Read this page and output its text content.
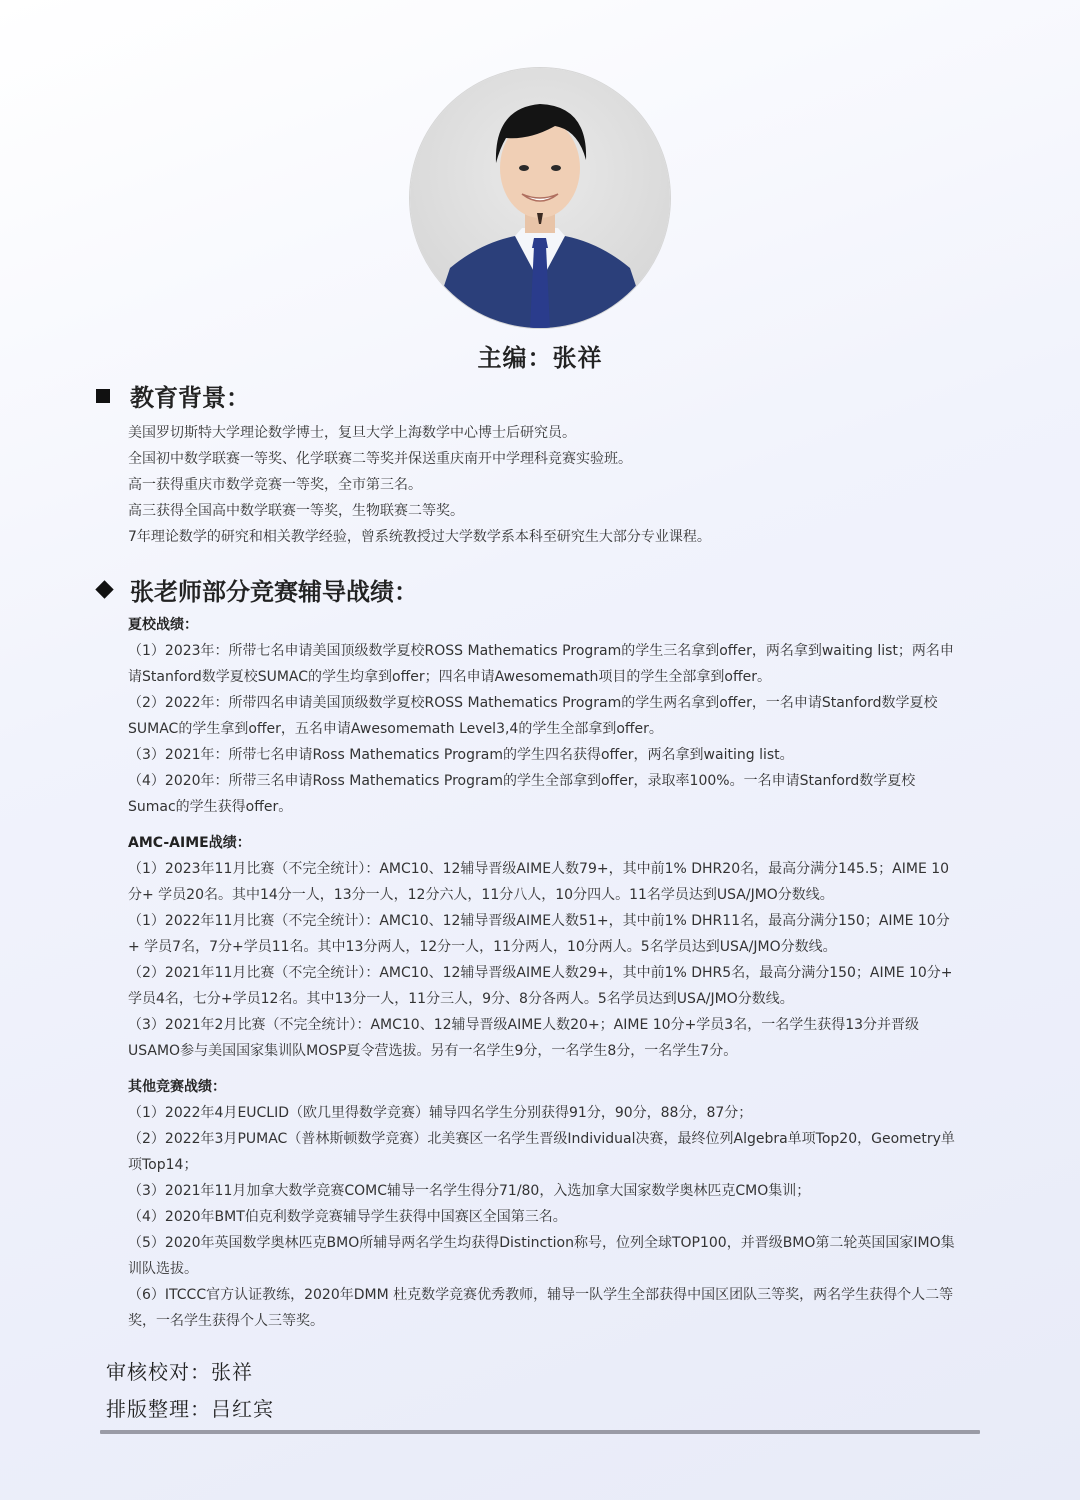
主编：张祥
教育背景：
美国罗切斯特大学理论数学博士，复旦大学上海数学中心博士后研究员。
全国初中数学联赛一等奖、化学联赛二等奖并保送重庆南开中学理科竞赛实验班。
高一获得重庆市数学竞赛一等奖，全市第三名。
高三获得全国高中数学联赛一等奖，生物联赛二等奖。
7年理论数学的研究和相关教学经验，曾系统教授过大学数学系本科至研究生大部分专业课程。
张老师部分竞赛辅导战绩：
夏校战绩：
（1）2023年：所带七名申请美国顶级数学夏校ROSS Mathematics Program的学生三名拿到offer，两名拿到waiting list；两名申请Stanford数学夏校SUMAC的学生均拿到offer；四名申请Awesomemath项目的学生全部拿到offer。
（2）2022年：所带四名申请美国顶级数学夏校ROSS Mathematics Program的学生两名拿到offer，一名申请Stanford数学夏校SUMAC的学生拿到offer，五名申请Awesomemath Level3,4的学生全部拿到offer。
（3）2021年：所带七名申请Ross Mathematics Program的学生四名获得offer，两名拿到waiting list。
（4）2020年：所带三名申请Ross Mathematics Program的学生全部拿到offer，录取率100%。一名申请Stanford数学夏校Sumac的学生获得offer。
AMC-AIME战绩：
（1）2023年11月比赛（不完全统计）：AMC10、12辅导晋级AIME人数79+，其中前1% DHR20名，最高分满分145.5；AIME 10分+ 学员20名。其中14分一人，13分一人，12分六人，11分八人，10分四人。11名学员达到USA/JMO分数线。
（1）2022年11月比赛（不完全统计）：AMC10、12辅导晋级AIME人数51+，其中前1% DHR11名，最高分满分150；AIME 10分+ 学员7名，7分+学员11名。其中13分两人，12分一人，11分两人，10分两人。5名学员达到USA/JMO分数线。
（2）2021年11月比赛（不完全统计）：AMC10、12辅导晋级AIME人数29+，其中前1% DHR5名，最高分满分150；AIME 10分+ 学员4名，七分+学员12名。其中13分一人，11分三人，9分、8分各两人。5名学员达到USA/JMO分数线。
（3）2021年2月比赛（不完全统计）：AMC10、12辅导晋级AIME人数20+；AIME 10分+学员3名，一名学生获得13分并晋级USAMO参与美国国家集训队MOSP夏令营选拔。另有一名学生9分，一名学生8分，一名学生7分。
其他竞赛战绩：
（1）2022年4月EUCLID（欧几里得数学竞赛）辅导四名学生分别获得91分，90分，88分，87分；
（2）2022年3月PUMAC（普林斯顿数学竞赛）北美赛区一名学生晋级Individual决赛，最终位列Algebra单项Top20，Geometry单项Top14；
（3）2021年11月加拿大数学竞赛COMC辅导一名学生得分71/80，入选加拿大国家数学奥林匹克CMO集训；
（4）2020年BMT伯克利数学竞赛辅导学生获得中国赛区全国第三名。
（5）2020年英国数学奥林匹克BMO所辅导两名学生均获得Distinction称号，位列全球TOP100，并晋级BMO第二轮英国国家IMO集训队选拔。
（6）ITCCC官方认证教练，2020年DMM 杜克数学竞赛优秀教师，辅导一队学生全部获得中国区团队三等奖，两名学生获得个人二等奖，一名学生获得个人三等奖。
审核校对：张祥
排版整理：吕红宾
